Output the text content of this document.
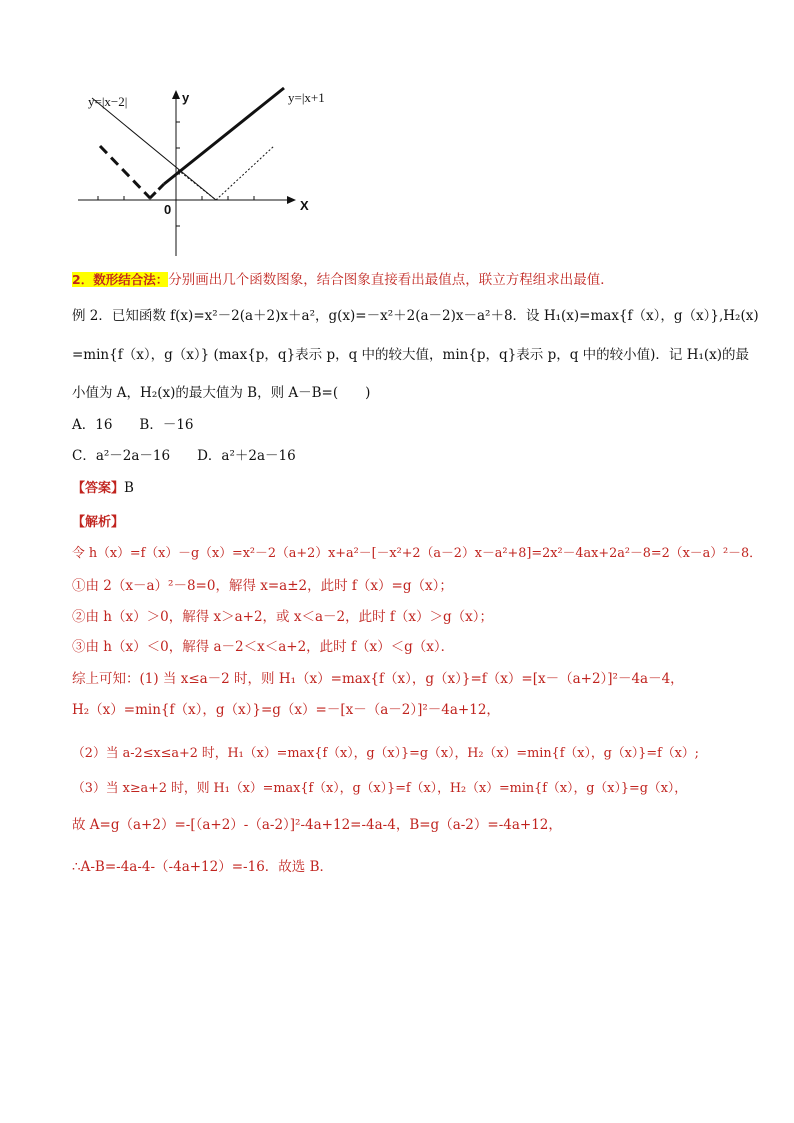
y=|x−2|	y=|x+1
y
X
0
2．数形结合法：分别画出几个函数图象，结合图象直接看出最值点，联立方程组求出最值．
例 2．已知函数 f(x)=x²－2(a＋2)x＋a²，g(x)=－x²＋2(a－2)x－a²＋8．设 H₁(x)=max{f（x），g（x）},H₂(x)
=min{f（x），g（x）} (max{p，q}表示 p，q 中的较大值，min{p，q}表示 p，q 中的较小值)．记 H₁(x)的最
小值为 A，H₂(x)的最大值为 B，则 A－B=(　　)
A．16　　B．－16
C．a²－2a－16　　D．a²＋2a－16
【答案】B
【解析】
令 h（x）=f（x）－g（x）=x²－2（a+2）x+a²－[－x²+2（a－2）x－a²+8]=2x²－4ax+2a²－8=2（x－a）²－8．
①由 2（x－a）²－8=0，解得 x=a±2，此时 f（x）=g（x）；
②由 h（x）＞0，解得 x＞a+2，或 x＜a－2，此时 f（x）＞g（x）；
③由 h（x）＜0，解得 a－2＜x＜a+2，此时 f（x）＜g（x）．
综上可知：(1) 当 x≤a－2 时，则 H₁（x）=max{f（x），g（x）}=f（x）=[x－（a+2）]²－4a－4，
H₂（x）=min{f（x），g（x）}=g（x）=－[x－（a－2）]²－4a+12，
（2）当 a-2≤x≤a+2 时，H₁（x）=max{f（x），g（x）}=g（x），H₂（x）=min{f（x），g（x）}=f（x）;
（3）当 x≥a+2 时，则 H₁（x）=max{f（x），g（x）}=f（x），H₂（x）=min{f（x），g（x）}=g（x），
故 A=g（a+2）=-[（a+2）-（a-2）]²-4a+12=-4a-4，B=g（a-2）=-4a+12，
∴A-B=-4a-4-（-4a+12）=-16．故选 B．
